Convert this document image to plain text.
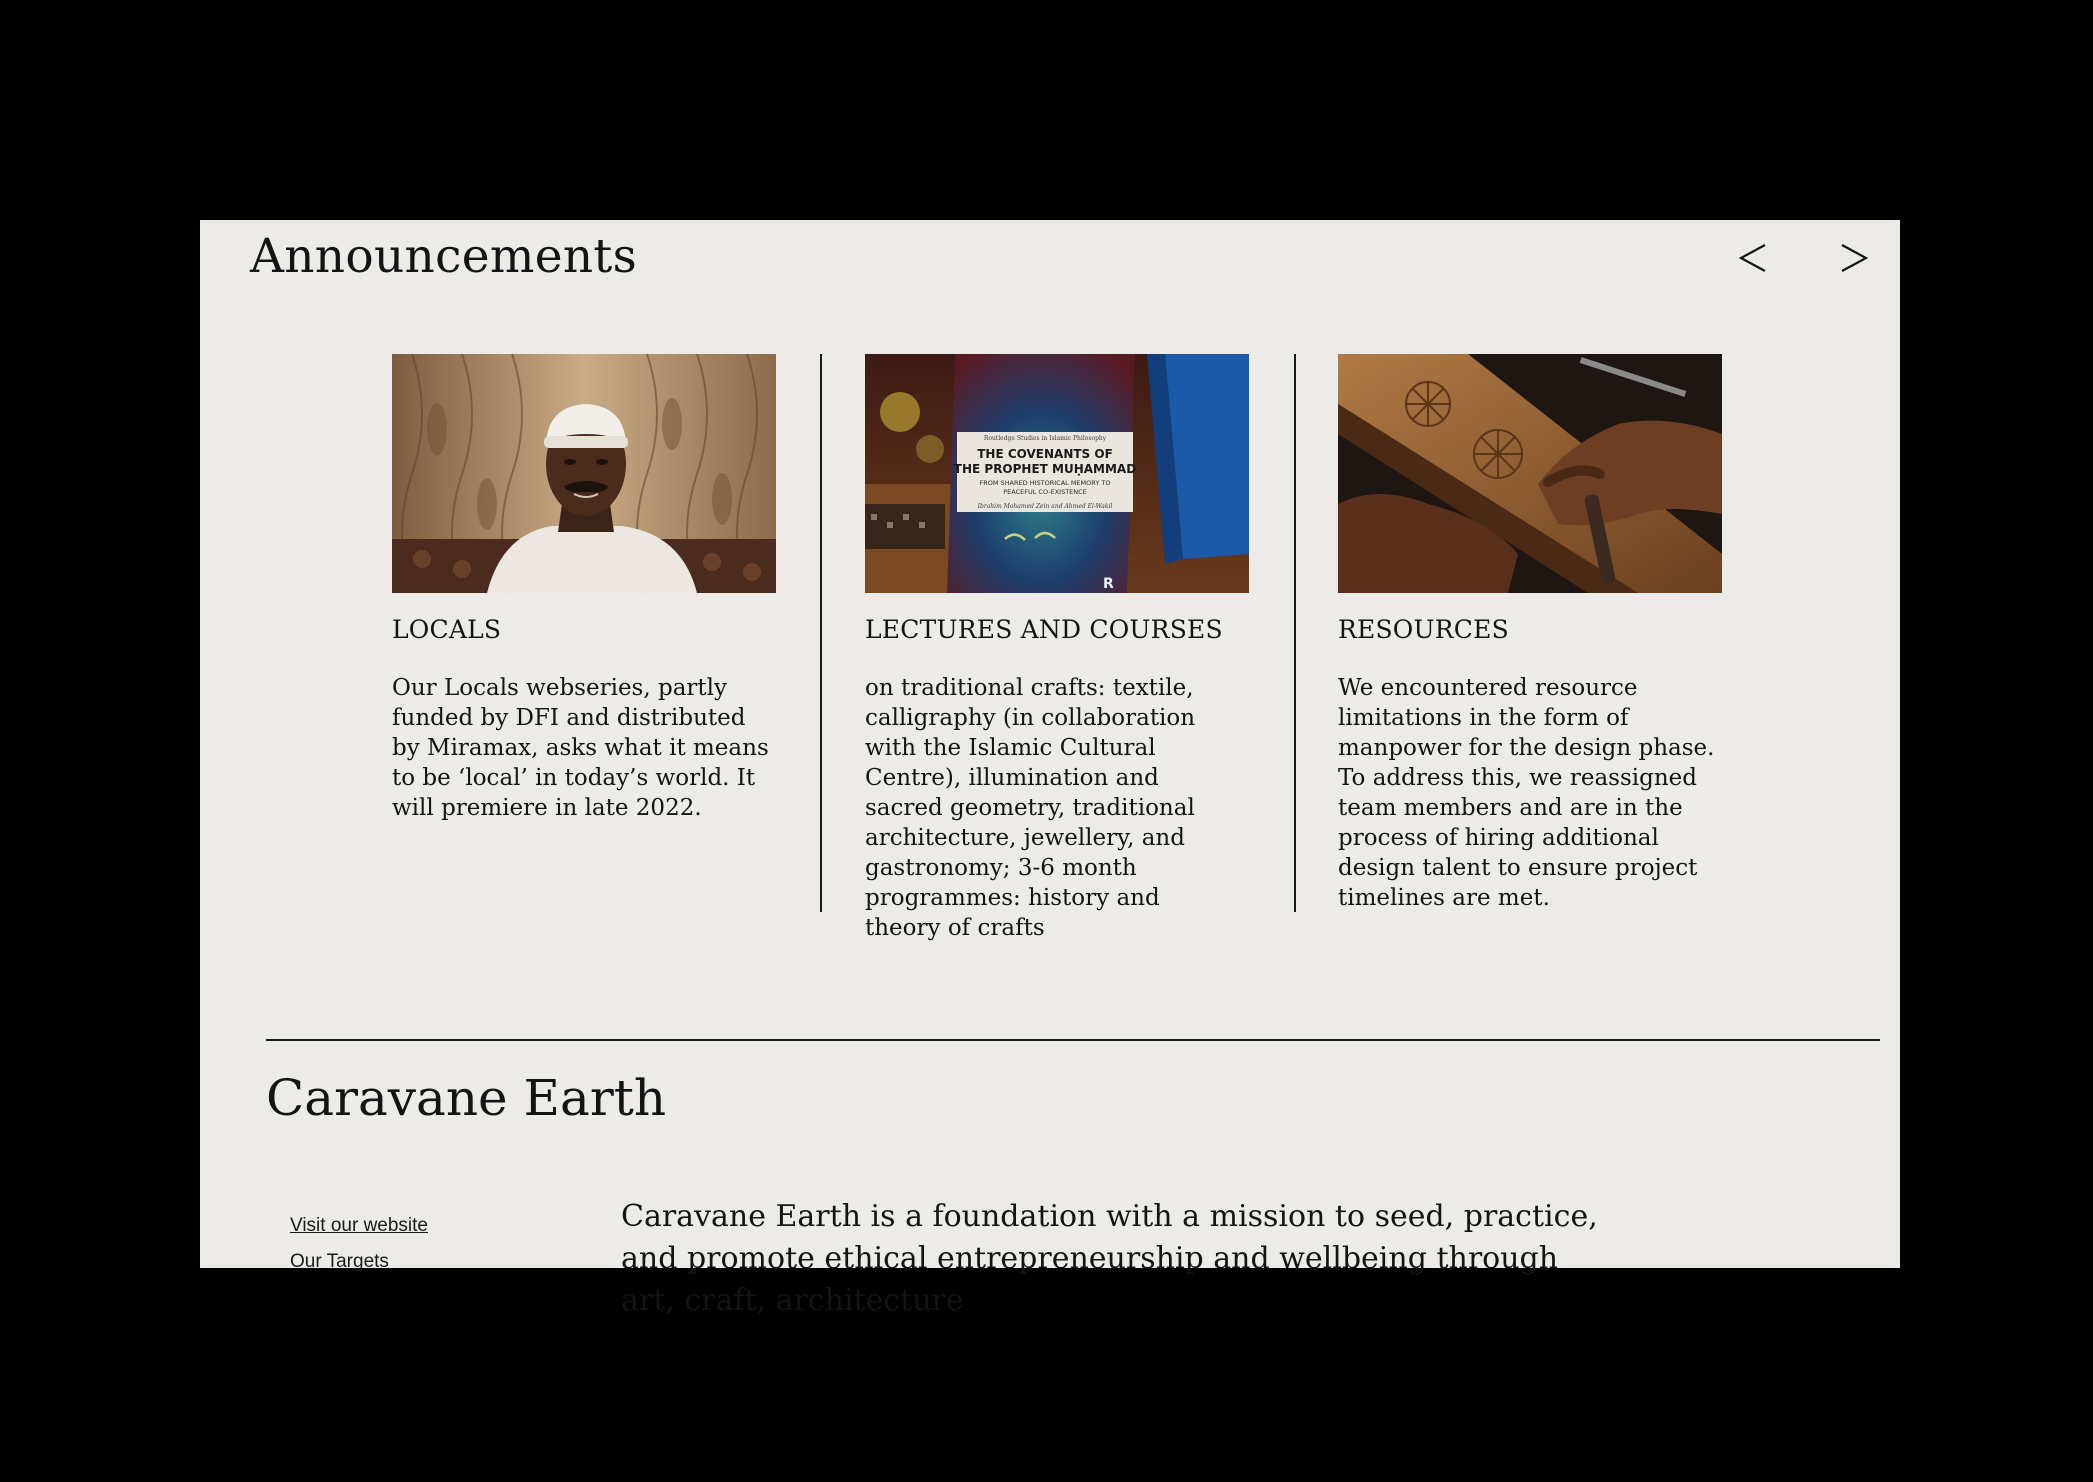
Announcements
LOCALS

Our Locals webseries, partly funded by DFI and distributed by Miramax, asks what it means to be ‘local’ in today’s world. It will premiere in late 2022.

Routledge Studies in Islamic Philosophy
THE COVENANTS OF
THE PROPHET MUḤAMMAD
FROM SHARED HISTORICAL MEMORY TO
PEACEFUL CO-EXISTENCE
Ibrahim Mohamed Zein and Ahmed El-Wakil
R
LECTURES AND COURSES

on traditional crafts: textile, calligraphy (in collaboration with the Islamic Cultural Centre), illumination and sacred geometry, traditional architecture, jewellery, and gastronomy; 3-6 month programmes: history and theory of crafts

RESOURCES

We encountered resource limitations in the form of manpower for the design phase. To address this, we reassigned team members and are in the process of hiring additional design talent to ensure project timelines are met.

Caravane Earth
Visit our website
Our Targets

Caravane Earth is a foundation with a mission to seed, practice, and promote ethical entrepreneurship and wellbeing through art, craft, architecture
